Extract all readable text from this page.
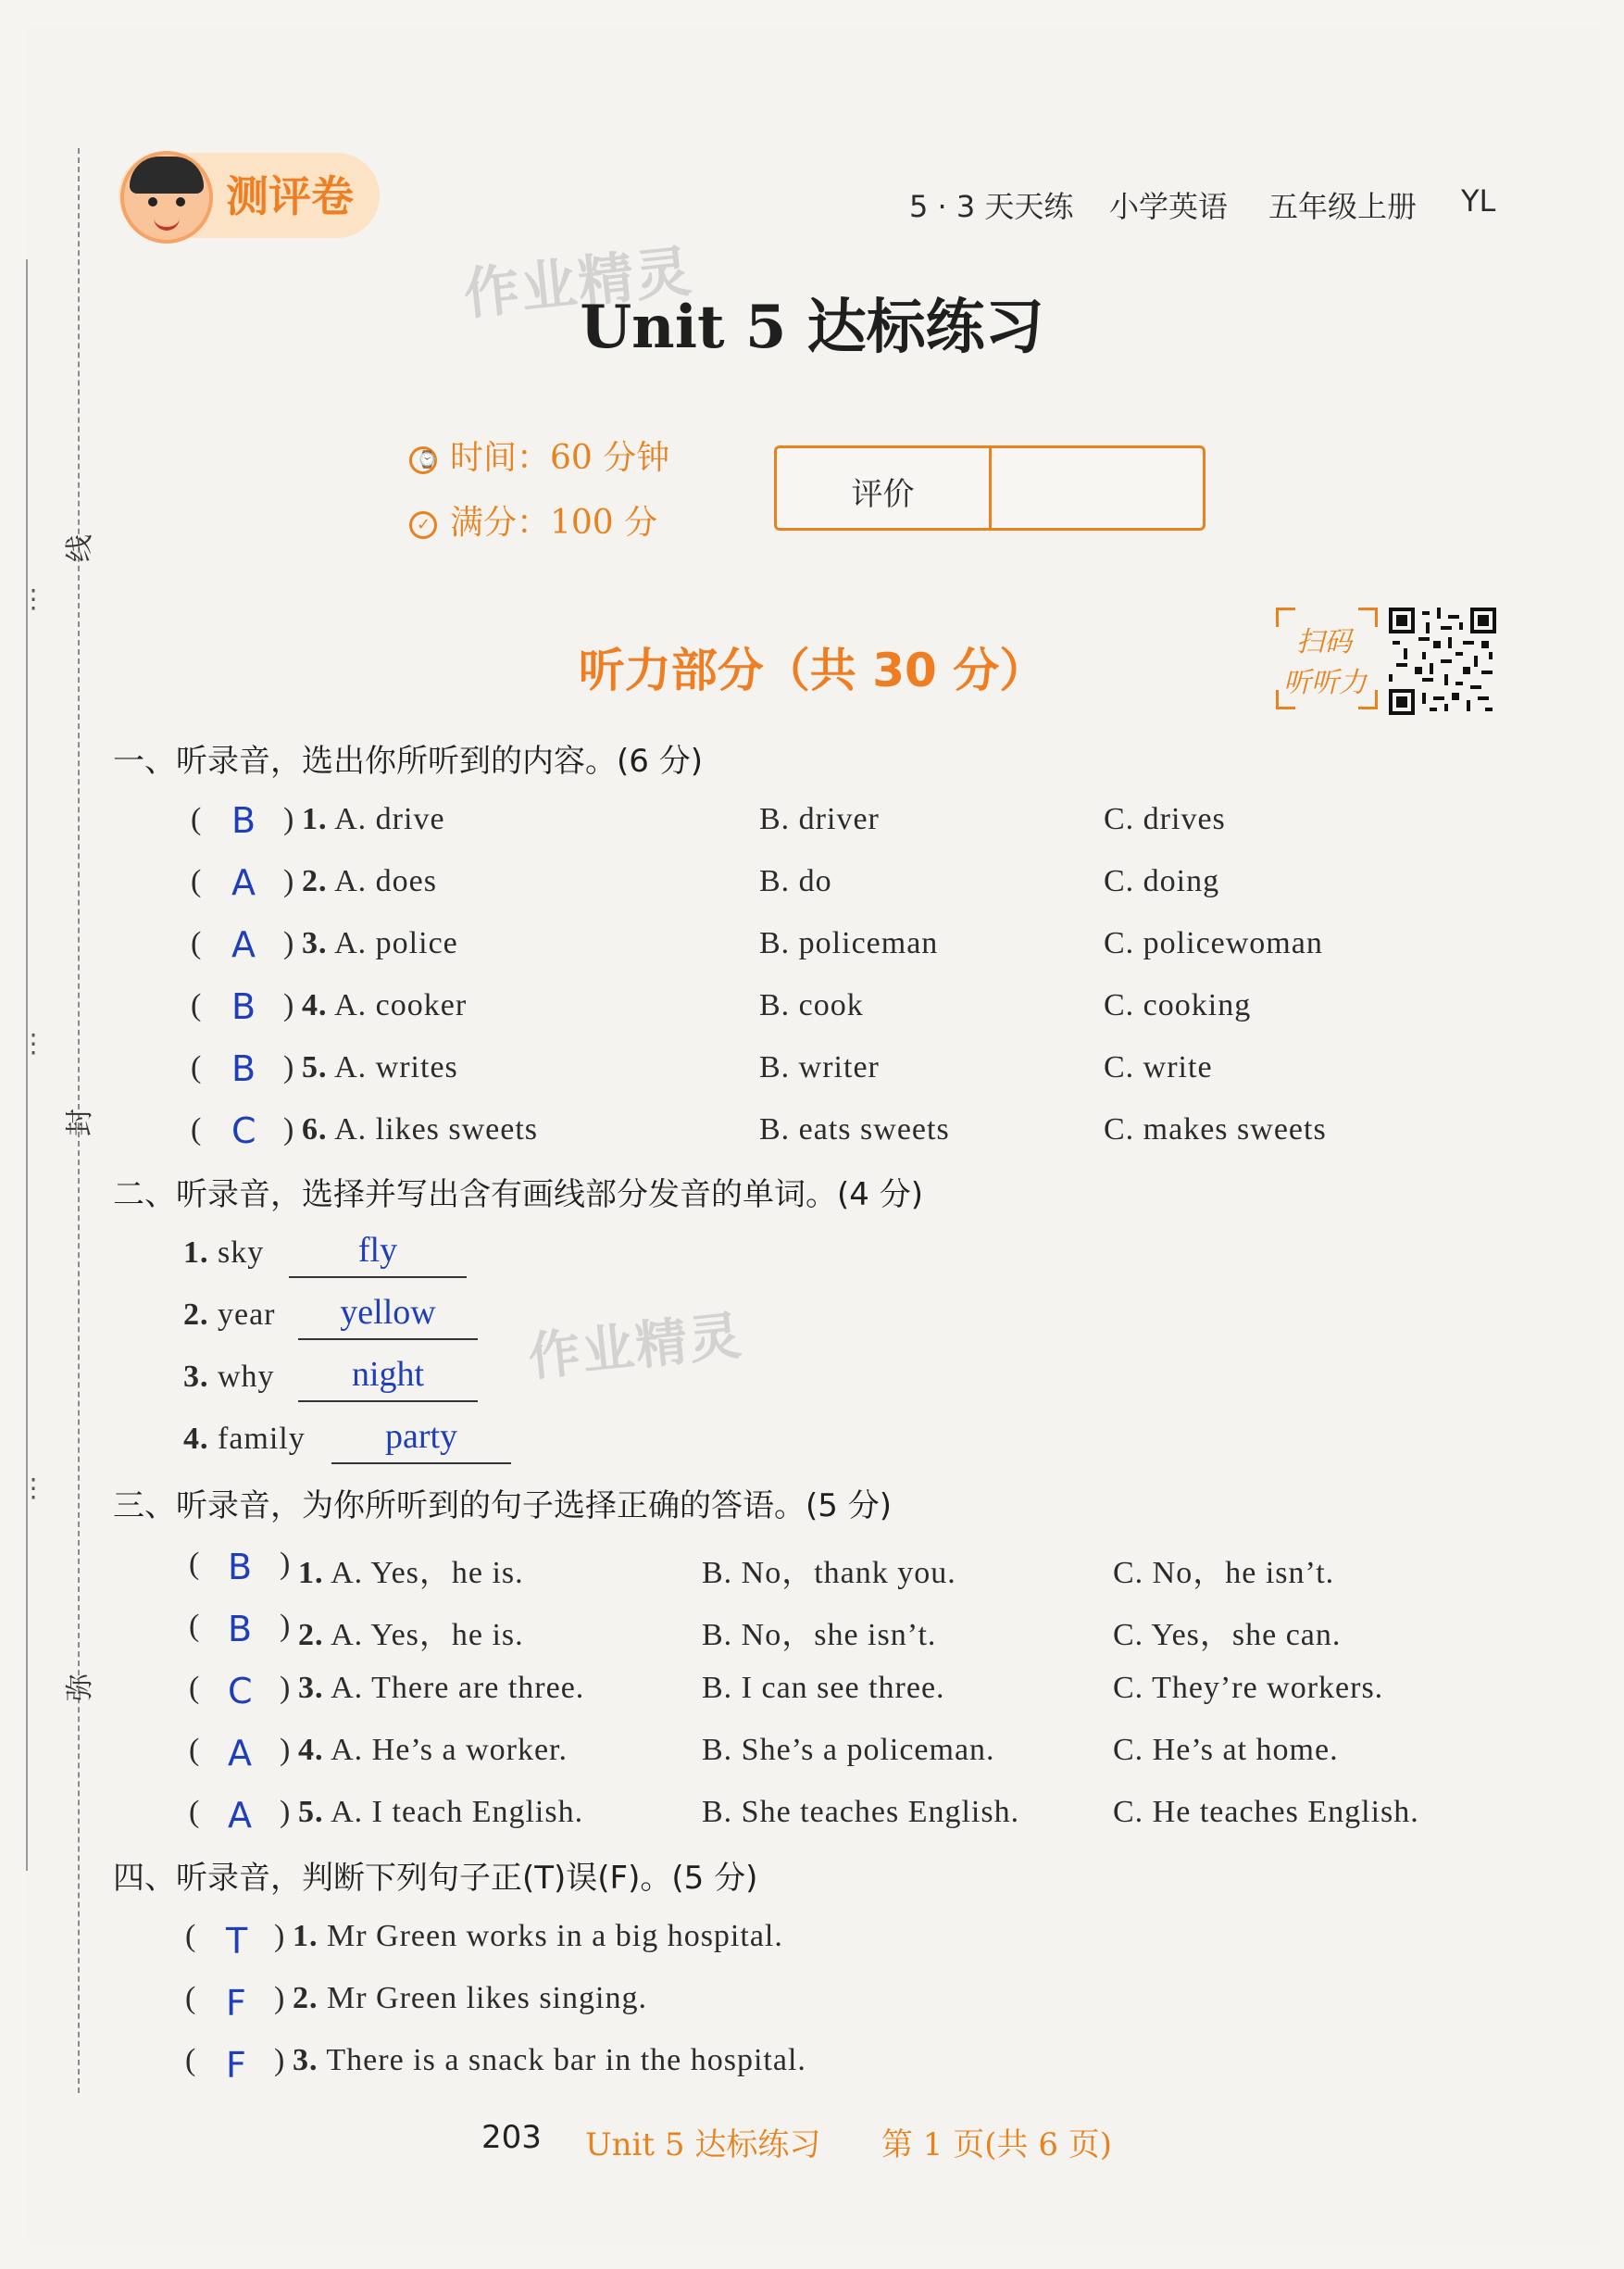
线
封
弥
⋮
⋮
⋮
测评卷	5 · 3 天天练 小学英语 五年级上册 YL
作业精灵
Unit 5 达标练习
⌚ 时间：60 分钟
✓ 满分：100 分
评价
听力部分（共 30 分）
扫码
听听力
一、听录音，选出你所听到的内容。(6 分)
( B ) 1. A. drive	B. driver	C. drives
( A ) 2. A. does	B. do	C. doing
( A ) 3. A. police	B. policeman	C. policewoman
( B ) 4. A. cooker	B. cook	C. cooking
( B ) 5. A. writes	B. writer	C. write
( C ) 6. A. likes sweets	B. eats sweets	C. makes sweets
二、听录音，选择并写出含有画线部分发音的单词。(4 分)
1. sky	fly
2. year	yellow	作业精灵
3. why	night
4. family	party
三、听录音，为你所听到的句子选择正确的答语。(5 分)
( B ) 1. A. Yes，he is.	B. No，thank you.	C. No，he isn’t.
( B ) 2. A. Yes，he is.	B. No，she isn’t.	C. Yes，she can.
( C ) 3. A. There are three.	B. I can see three.	C. They’re workers.
( A ) 4. A. He’s a worker.	B. She’s a policeman.	C. He’s at home.
( A ) 5. A. I teach English.	B. She teaches English.	C. He teaches English.
四、听录音，判断下列句子正(T)误(F)。(5 分)
( T ) 1. Mr Green works in a big hospital.
( F ) 2. Mr Green likes singing.
( F ) 3. There is a snack bar in the hospital.
203 Unit 5 达标练习 第 1 页(共 6 页)
